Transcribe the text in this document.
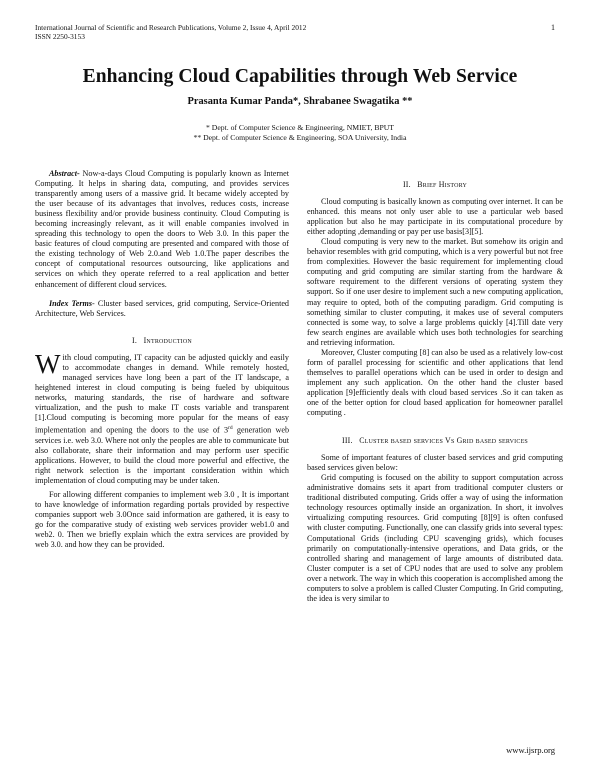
International Journal of Scientific and Research Publications, Volume 2, Issue 4, April 2012
ISSN 2250-3153
1
Enhancing Cloud Capabilities through Web Service
Prasanta Kumar Panda*, Shrabanee Swagatika **
* Dept. of Computer Science & Engineering, NMIET, BPUT
** Dept. of Computer Science & Engineering, SOA University, India

Abstract- Now-a-days Cloud Computing is popularly known as Internet Computing. It helps in sharing data, computing, and provides services transparently among users of a massive grid. It became widely accepted by the user because of its advantages that involves, reduces costs, increase business flexibility and/or provide business continuity. Cloud Computing is becoming increasingly relevant, as it will enable companies involved in spreading this technology to open the doors to Web 3.0. In this paper the basic features of cloud computing are presented and compared with those of the existing technology of Web 2.0.and Web 1.0.The paper describes the concept of computational resources outsourcing, like applications and services on which they operate referred to a real application and better enhancement of different cloud services.

Index Terms- Cluster based services, grid computing, Service-Oriented Architecture, Web Services.

I. Introduction

With cloud computing, IT capacity can be adjusted quickly and easily to accommodate changes in demand. While remotely hosted, managed services have long been a part of the IT landscape, a heightened interest in cloud computing is being fueled by ubiquitous networks, maturing standards, the rise of hardware and software virtualization, and the push to make IT costs variable and transparent [1].Cloud computing is becoming more popular for the means of easy implementation and opening the doors to the use of 3rd generation web services i.e. web 3.0. Where not only the peoples are able to communicate but also collaborate, share their information and may perform user specific applications. However, to build the cloud more powerful and effective, the right network selection is the important consideration within which implementation of cloud computing may be under taken.

For allowing different companies to implement web 3.0 , It is important to have knowledge of information regarding portals provided by respective companies support web 3.0Once said information are gathered, it is easy to go for the comparative study of existing web services provider web1.0 and web2. 0. Then we briefly explain which the extra services are provided by web 3.0. and how they can be provided.

II. Brief History

Cloud computing is basically known as computing over internet. It can be enhanced. this means not only user able to use a particular web based application but also he may participate in its computational procedure by either adopting ,demanding or pay per use basis[3][5].

Cloud computing is very new to the market. But somehow its origin and behavior resembles with grid computing, which is a very powerful but not free from complexities. However the basic requirement for implementing cloud computing and grid computing are similar starting from the hardware & software requirement to the different versions of operating system they support. So if one user desire to implement such a new computing application, may require to opted, both of the computing paradigm. Grid computing is something similar to cluster computing, it makes use of several computers connected is some way, to solve a large problems quickly [4].Till date very few search engines are available which uses both technologies for searching and retrieving information.

Moreover, Cluster computing [8] can also be used as a relatively low-cost form of parallel processing for scientific and other applications that lend themselves to parallel operations which can be used in order to design and implement any such application. On the other hand the cluster based application [9]efficiently deals with cloud based services .So it can taken as one of the better option for cloud based application for homeowner parallel computing .

III. Cluster based services Vs Grid based services

Some of important features of cluster based services and grid computing based services given below:

Grid computing is focused on the ability to support computation across administrative domains sets it apart from traditional computer clusters or traditional distributed computing. Grids offer a way of using the information technology resources optimally inside an organization. In short, it involves virtualizing computing resources. Grid computing [8][9] is often confused with cluster computing. Functionally, one can classify grids into several types: Computational Grids (including CPU scavenging grids), which focuses primarily on computationally-intensive operations, and Data grids, or the controlled sharing and management of large amounts of distributed data. Cluster computer is a set of CPU nodes that are used to solve any problem over a network. The way in which this cooperation is accomplished among the computers to solve a problem is called Cluster Computing. In Grid computing, the idea is very similar to

www.ijsrp.org
